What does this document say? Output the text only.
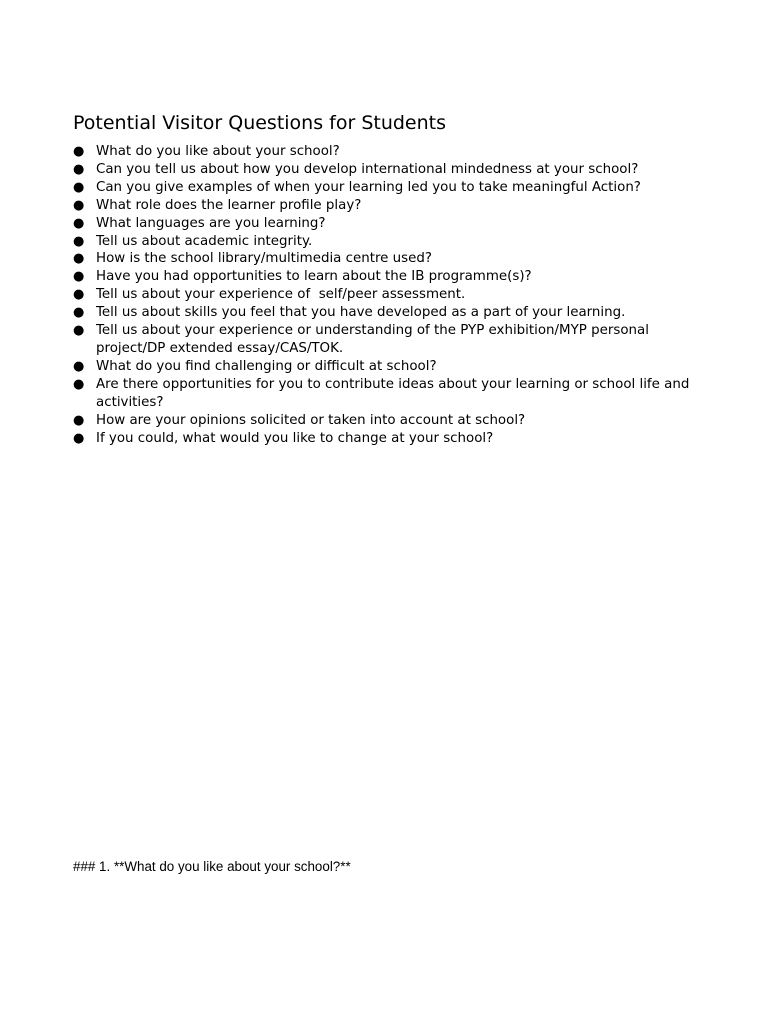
Potential Visitor Questions for Students
● What do you like about your school?
● Can you tell us about how you develop international mindedness at your school?
● Can you give examples of when your learning led you to take meaningful Action?
● What role does the learner profile play?
● What languages are you learning?
● Tell us about academic integrity.
● How is the school library/multimedia centre used?
● Have you had opportunities to learn about the IB programme(s)?
● Tell us about your experience of  self/peer assessment.
● Tell us about skills you feel that you have developed as a part of your learning.
● Tell us about your experience or understanding of the PYP exhibition/MYP personal project/DP extended essay/CAS/TOK.
● What do you find challenging or difficult at school?
● Are there opportunities for you to contribute ideas about your learning or school life and activities?
● How are your opinions solicited or taken into account at school?
● If you could, what would you like to change at your school?

### 1. **What do you like about your school?**
